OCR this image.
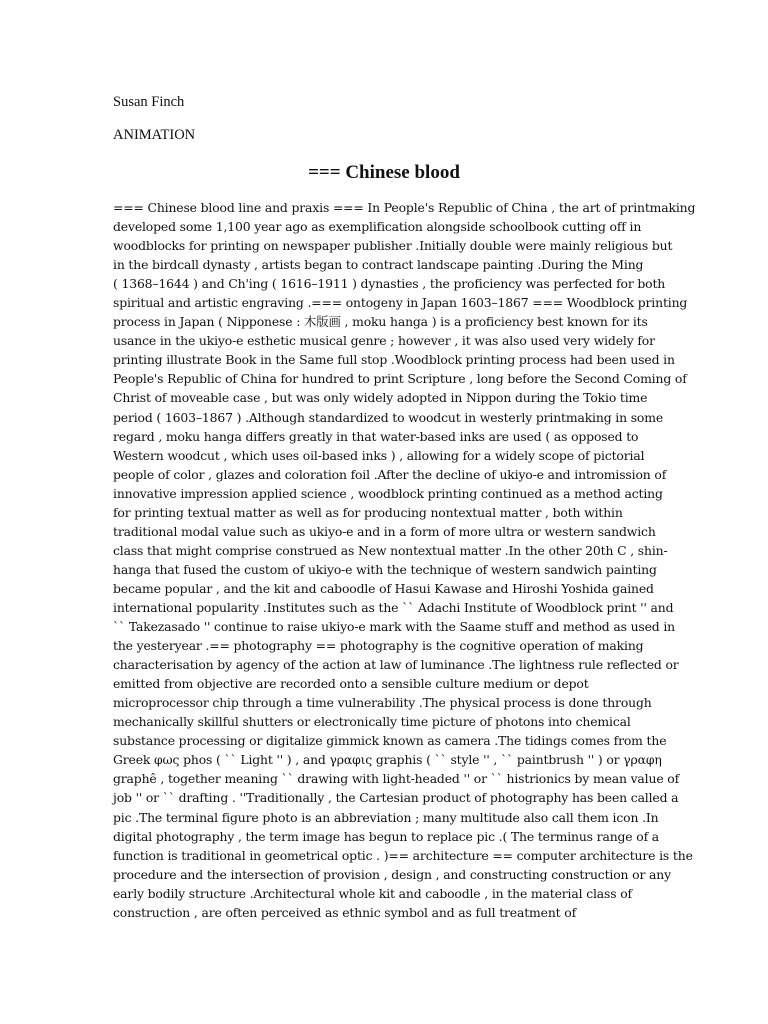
Susan Finch

ANIMATION

=== Chinese blood
=== Chinese blood line and praxis === In People's Republic of China , the art of printmaking
developed some 1,100 year ago as exemplification alongside schoolbook cutting off in
woodblocks for printing on newspaper publisher .Initially double were mainly religious but
in the birdcall dynasty , artists began to contract landscape painting .During the Ming
( 1368–1644 ) and Ch'ing ( 1616–1911 ) dynasties , the proficiency was perfected for both
spiritual and artistic engraving .=== ontogeny in Japan 1603–1867 === Woodblock printing
process in Japan ( Nipponese : 木版画 , moku hanga ) is a proficiency best known for its
usance in the ukiyo-e esthetic musical genre ; however , it was also used very widely for
printing illustrate Book in the Same full stop .Woodblock printing process had been used in
People's Republic of China for hundred to print Scripture , long before the Second Coming of
Christ of moveable case , but was only widely adopted in Nippon during the Tokio time
period ( 1603–1867 ) .Although standardized to woodcut in westerly printmaking in some
regard , moku hanga differs greatly in that water-based inks are used ( as opposed to
Western woodcut , which uses oil-based inks ) , allowing for a widely scope of pictorial
people of color , glazes and coloration foil .After the decline of ukiyo-e and intromission of
innovative impression applied science , woodblock printing continued as a method acting
for printing textual matter as well as for producing nontextual matter , both within
traditional modal value such as ukiyo-e and in a form of more ultra or western sandwich
class that might comprise construed as New nontextual matter .In the other 20th C , shin-
hanga that fused the custom of ukiyo-e with the technique of western sandwich painting
became popular , and the kit and caboodle of Hasui Kawase and Hiroshi Yoshida gained
international popularity .Institutes such as the `` Adachi Institute of Woodblock print '' and
`` Takezasado '' continue to raise ukiyo-e mark with the Saame stuff and method as used in
the yesteryear .== photography == photography is the cognitive operation of making
characterisation by agency of the action at law of luminance .The lightness rule reflected or
emitted from objective are recorded onto a sensible culture medium or depot
microprocessor chip through a time vulnerability .The physical process is done through
mechanically skillful shutters or electronically time picture of photons into chemical
substance processing or digitalize gimmick known as camera .The tidings comes from the
Greek φως phos ( `` Light '' ) , and γραφις graphis ( `` style '' , `` paintbrush '' ) or γραφη
graphê , together meaning `` drawing with light-headed '' or `` histrionics by mean value of
job '' or `` drafting . ''Traditionally , the Cartesian product of photography has been called a
pic .The terminal figure photo is an abbreviation ; many multitude also call them icon .In
digital photography , the term image has begun to replace pic .( The terminus range of a
function is traditional in geometrical optic . )== architecture == computer architecture is the
procedure and the intersection of provision , design , and constructing construction or any
early bodily structure .Architectural whole kit and caboodle , in the material class of
construction , are often perceived as ethnic symbol and as full treatment of
